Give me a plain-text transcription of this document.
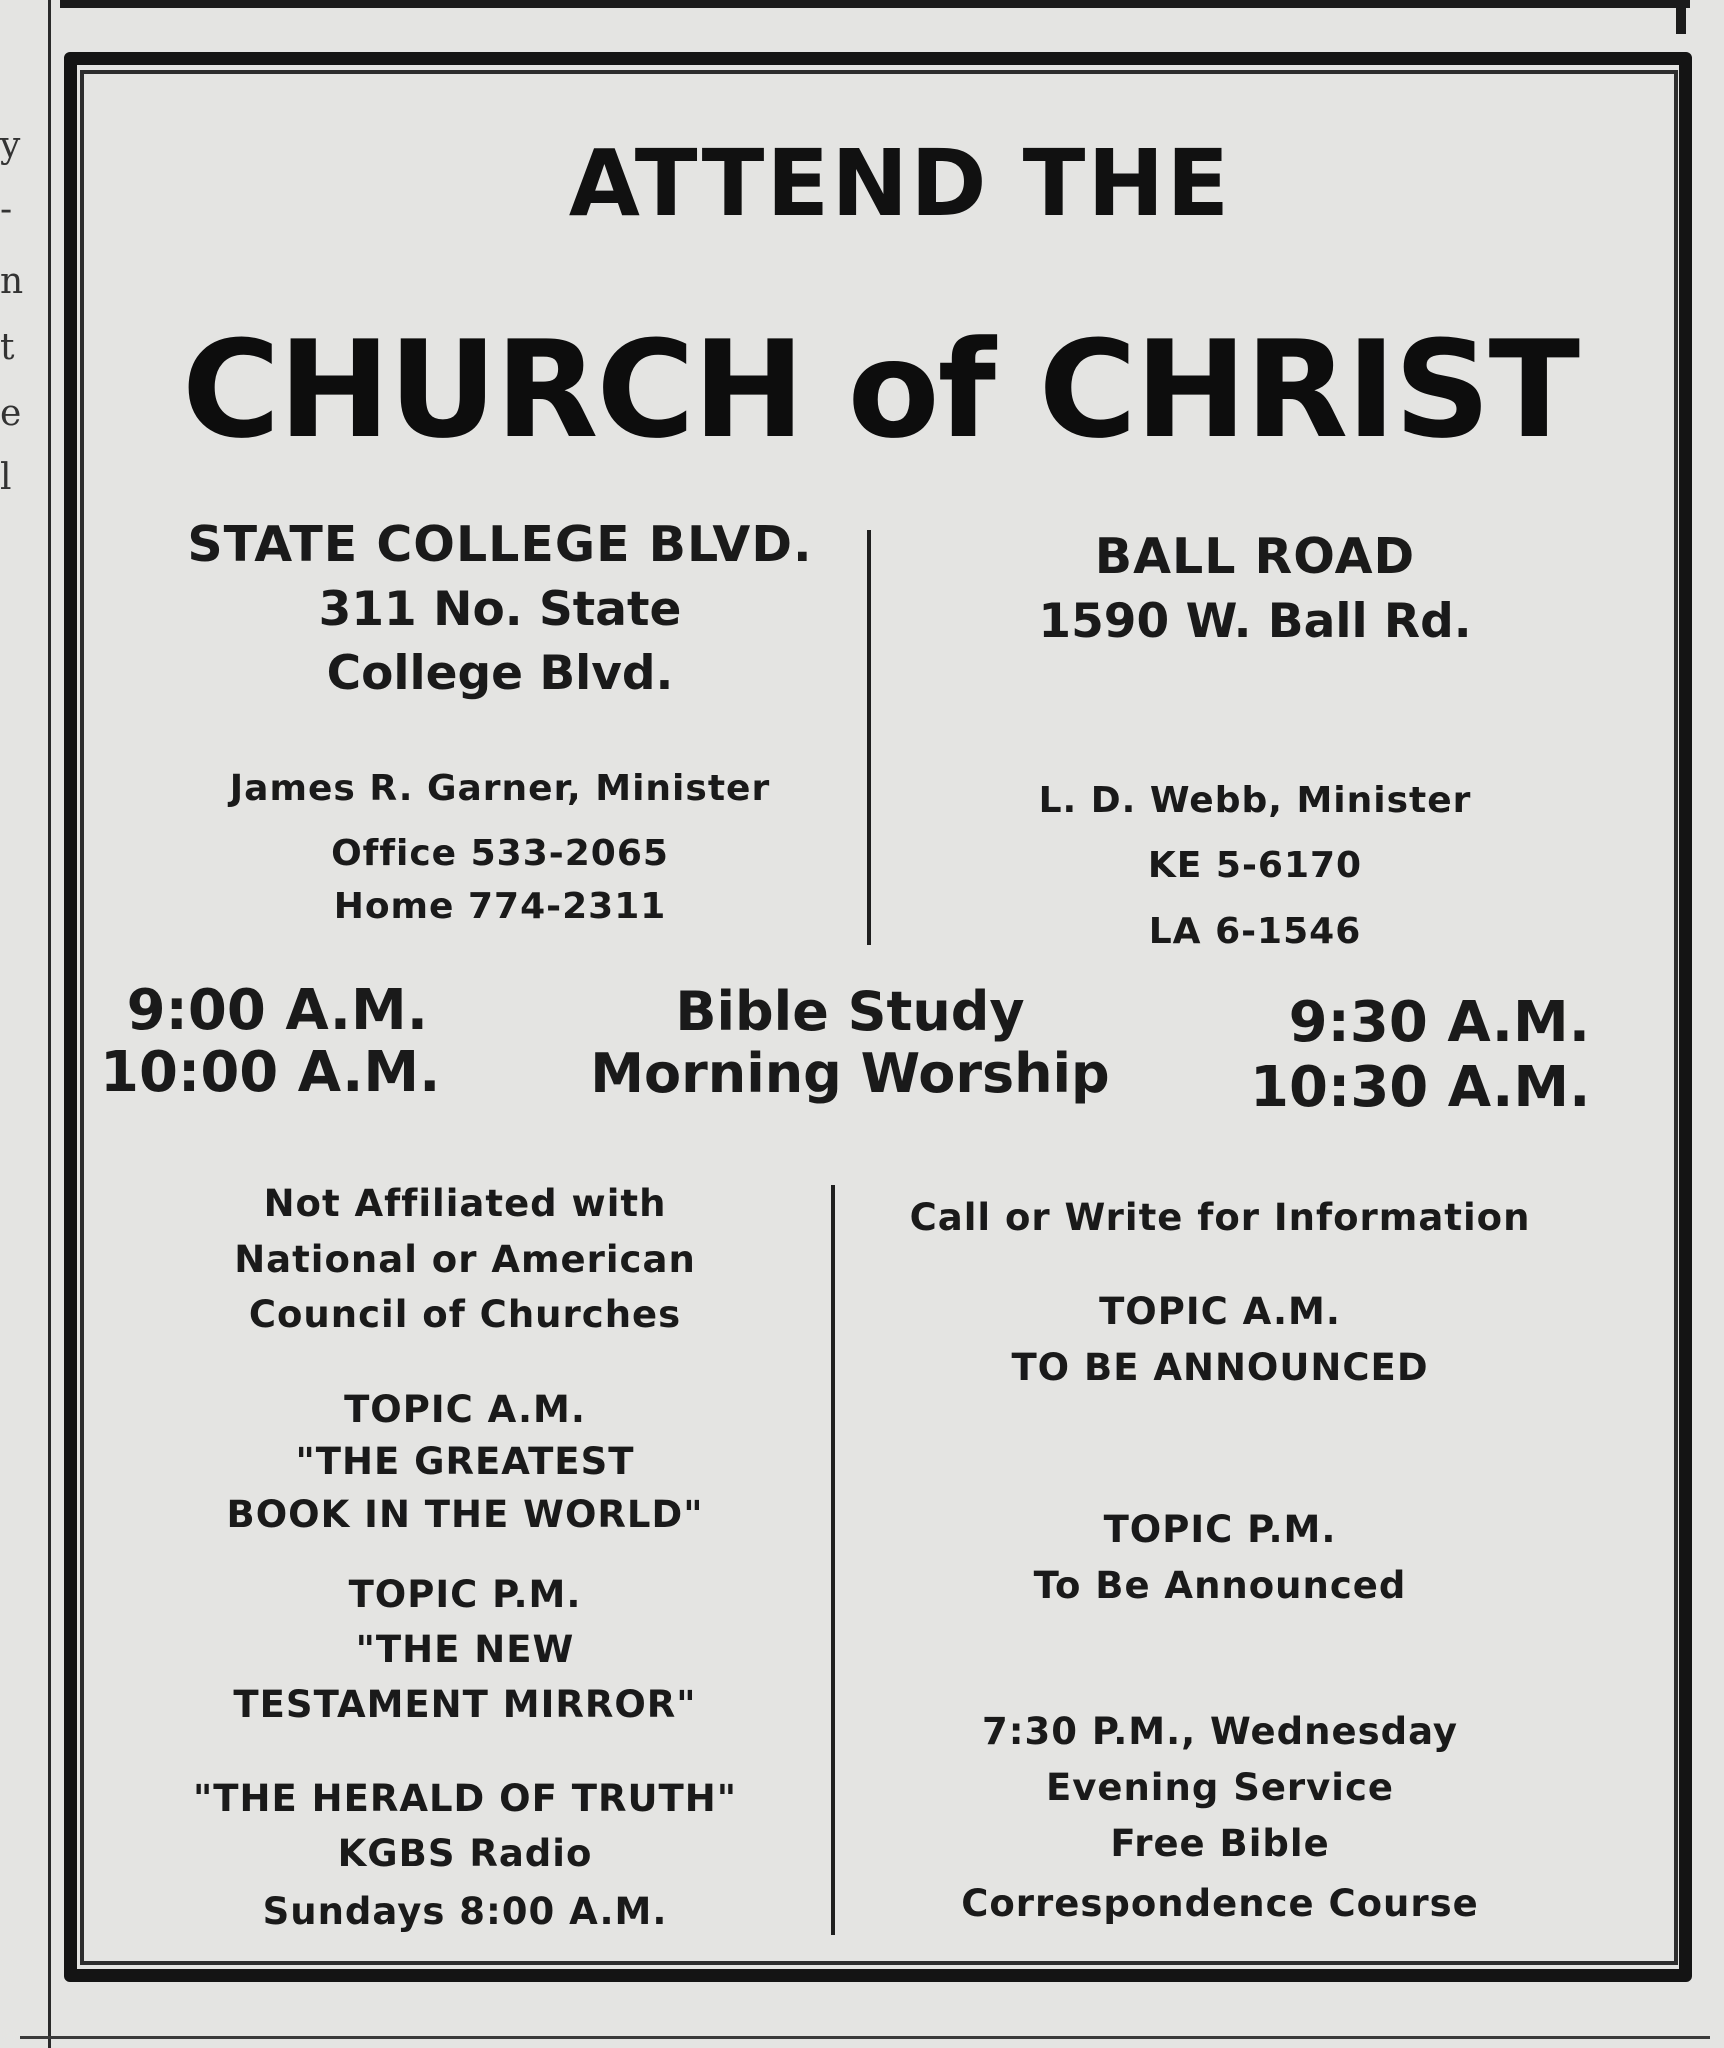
y
-
n
t
e
l
ATTEND THE
CHURCH of CHRIST
STATE COLLEGE BLVD.
311 No. State
College Blvd.
James R. Garner, Minister
Office 533-2065
Home 774-2311
BALL ROAD
1590 W. Ball Rd.
L. D. Webb, Minister
KE 5-6170
LA 6-1546
9:00 A.M.
10:00 A.M.
Bible Study
Morning Worship
9:30 A.M.
10:30 A.M.
Not Affiliated with
National or American
Council of Churches
TOPIC A.M.
"THE GREATEST
BOOK IN THE WORLD"
TOPIC P.M.
"THE NEW
TESTAMENT MIRROR"
"THE HERALD OF TRUTH"
KGBS Radio
Sundays 8:00 A.M.
Call or Write for Information
TOPIC A.M.
TO BE ANNOUNCED
TOPIC P.M.
To Be Announced
7:30 P.M., Wednesday
Evening Service
Free Bible
Correspondence Course
